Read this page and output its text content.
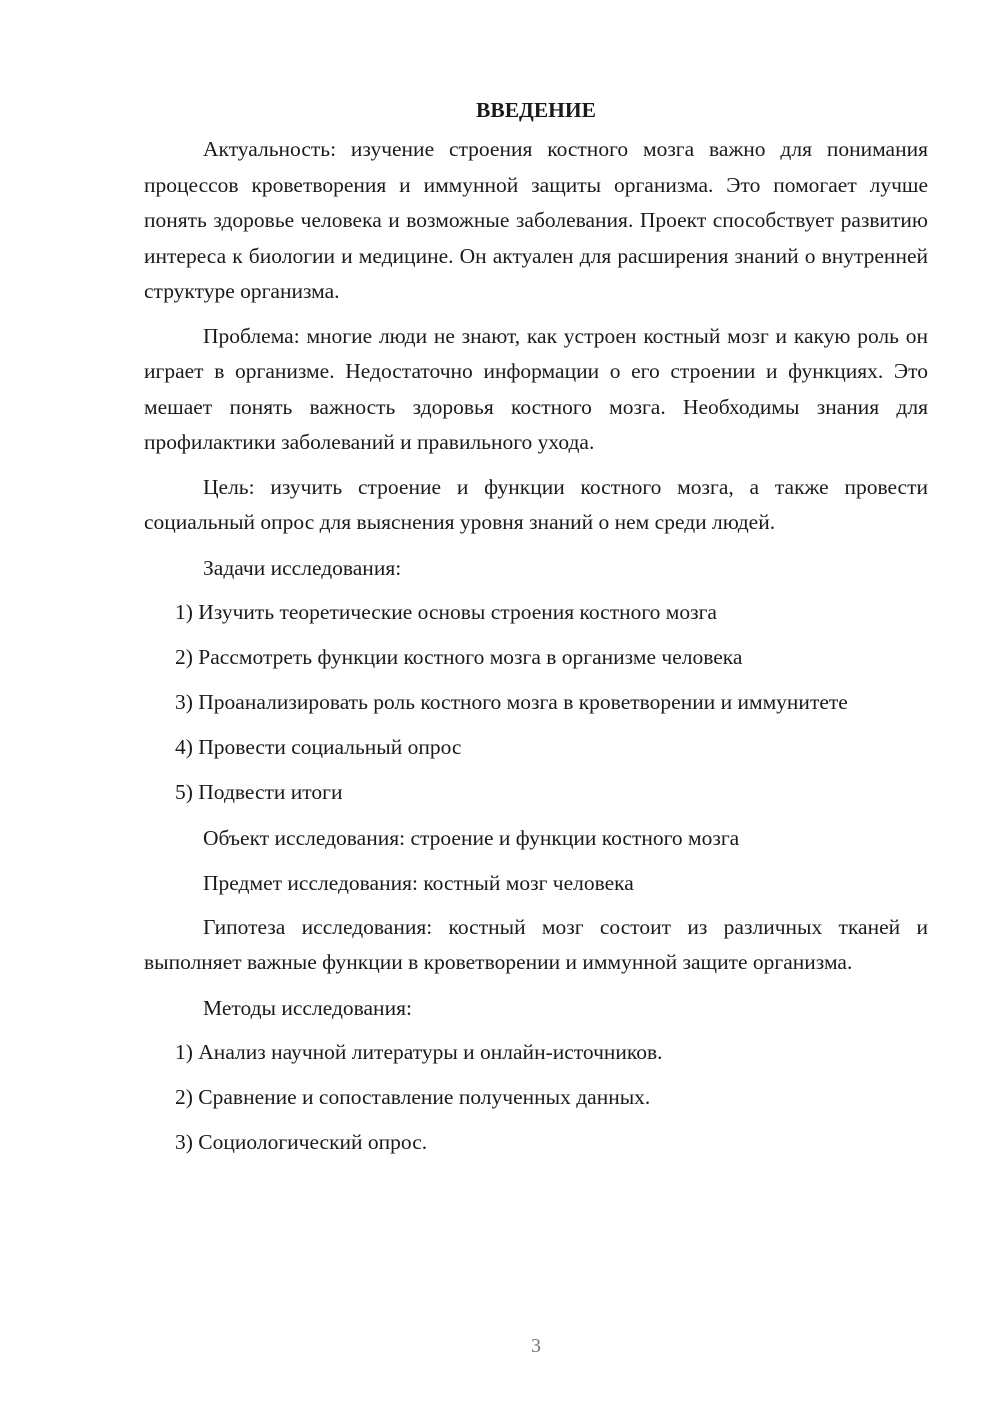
ВВЕДЕНИЕ

Актуальность: изучение строения костного мозга важно для понимания процессов кроветворения и иммунной защиты организма. Это помогает лучше понять здоровье человека и возможные заболевания. Проект способствует развитию интереса к биологии и медицине. Он актуален для расширения знаний о внутренней структуре организма.

Проблема: многие люди не знают, как устроен костный мозг и какую роль он играет в организме. Недостаточно информации о его строении и функциях. Это мешает понять важность здоровья костного мозга. Необходимы знания для профилактики заболеваний и правильного ухода.

Цель: изучить строение и функции костного мозга, а также провести социальный опрос для выяснения уровня знаний о нем среди людей.

Задачи исследования:

1) Изучить теоретические основы строения костного мозга

2) Рассмотреть функции костного мозга в организме человека

3) Проанализировать роль костного мозга в кроветворении и иммунитете

4) Провести социальный опрос

5) Подвести итоги

Объект исследования: строение и функции костного мозга

Предмет исследования: костный мозг человека

Гипотеза исследования: костный мозг состоит из различных тканей и выполняет важные функции в кроветворении и иммунной защите организма.

Методы исследования:

1) Анализ научной литературы и онлайн-источников.

2) Сравнение и сопоставление полученных данных.

3) Социологический опрос.

3
